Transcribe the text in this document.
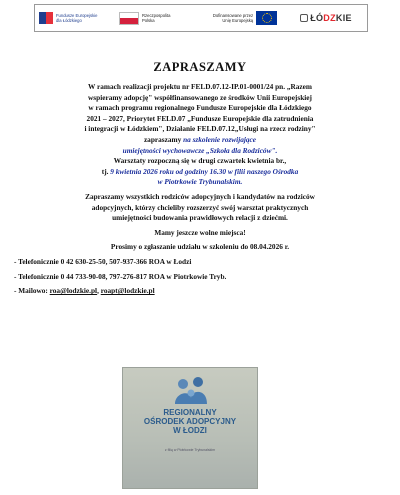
Fundusze Europejskie
dla Łódzkiego
Rzeczpospolita
Polska
Dofinansowane przez
Unię Europejską	ŁÓDZKIE
ZAPRASZAMY

W ramach realizacji projektu nr FELD.07.12-IP.01-0001/24 pn. „Razem

wspieramy adopcję" współfinansowanego ze środków Unii Europejskiej

w ramach programu regionalnego Fundusze Europejskie dla Łódzkiego

2021 – 2027, Priorytet FELD.07 „Fundusze Europejskie dla zatrudnienia

i integracji w Łódzkiem", Działanie FELD.07.12„Usługi na rzecz rodziny"

zapraszamy na szkolenie rozwijające

umiejętności wychowawcze „Szkoła dla Rodziców".

Warsztaty rozpoczną się w drugi czwartek kwietnia br.,

tj. 9 kwietnia 2026 roku od godziny 16.30 w filii naszego Ośrodka

w Piotrkowie Trybunalskim.

Zapraszamy wszystkich rodziców adopcyjnych i kandydatów na rodziców

adopcyjnych, którzy chcieliby rozszerzyć swój warsztat praktycznych

umiejętności budowania prawidłowych relacji z dziećmi.

Mamy jeszcze wolne miejsca!

Prosimy o zgłaszanie udziału w szkoleniu do 08.04.2026 r.

- Telefonicznie 0 42 630-25-50, 507-937-366 ROA w Łodzi

- Telefonicznie 0 44 733-90-08, 797-276-817 ROA w Piotrkowie Tryb.

- Mailowo: roa@lodzkie.pl, roapt@lodzkie.pl

REGIONALNY
OŚRODEK ADOPCYJNY
W ŁODZI
z filią w Piotrkowie Trybunalskim
